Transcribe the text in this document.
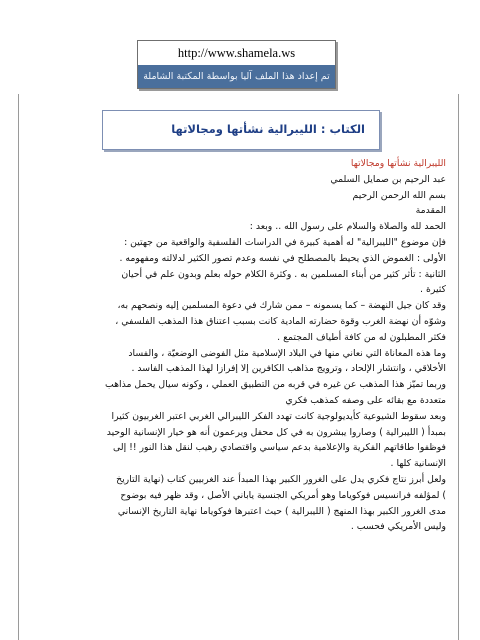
http://www.shamela.ws
تم إعداد هذا الملف آليا بواسطة المكتبة الشاملة
الكتاب : الليبرالية نشأتها ومجالاتها
الليبرالية نشأتها ومجالاتها
عبد الرحيم بن صمايل السلمي
بسم الله الرحمن الرحيم
المقدمة
الحمد لله والصلاة والسلام على رسول الله .. وبعد :
فإن موضوع "الليبرالية" له أهمية كبيرة في الدراسات الفلسفية والواقعية من جهتين :
الأولى : الغموض الذي يحيط بالمصطلح في نفسه وعدم تصور الكثير لدلالته ومفهومه .
الثانية : تأثر كثير من أبناء المسلمين به . وكثرة الكلام حوله بعلم وبدون علم في أحيان
كثيرة .
وقد كان جيل النهضة – كما يسمونه – ممن شارك في دعوة المسلمين إليه ونصحهم به،
وشوّه أن نهضة الغرب وقوة حضارته المادية كانت بسبب اعتناق هذا المذهب الفلسفي ،
فكثر المطبلون له من كافة أطياف المجتمع .
وما هذه المعاناة التي نعاني منها في البلاد الإسلامية مثل الفوضى الوضعيّة ، والفساد
الأخلاقي ، وانتشار الإلحاد ، وترويج مذاهب الكافرين إلا إفرازا لهذا المذهب الفاسد .
وربما تميّز هذا المذهب عن غيره في قربه من التطبيق العملي ، وكونه سيال يحمل مذاهب
متعددة مع بقائه على وصفه كمذهب فكري
وبعد سقوط الشيوعية كأيديولوجية كانت تهدد الفكر الليبرالي الغربي اعتبر الغربيون كثيرا
بمبدأ ( الليبرالية ) وصاروا يبشرون به في كل محفل ويرعمون أنه هو خيار الإنسانية الوحيد
فوظفوا طاقاتهم الفكرية والإعلامية بدعم سياسي واقتصادي رهيب لنقل هذا النور !! إلى
الإنسانية كلها .
ولعل أبرز نتاج فكري يدل على الغرور الكبير بهذا المبدأ عند الغربيين كتاب (نهاية التاريخ
) لمؤلفه فرانسيس فوكوياما وهو أمريكي الجنسية ياباني الأصل ، وقد ظهر فيه بوضوح
مدى الغرور الكبير بهذا المنهج ( الليبرالية ) حيث اعتبرها فوكوياما نهاية التاريخ الإنساني
وليس الأمريكي فحسب .
